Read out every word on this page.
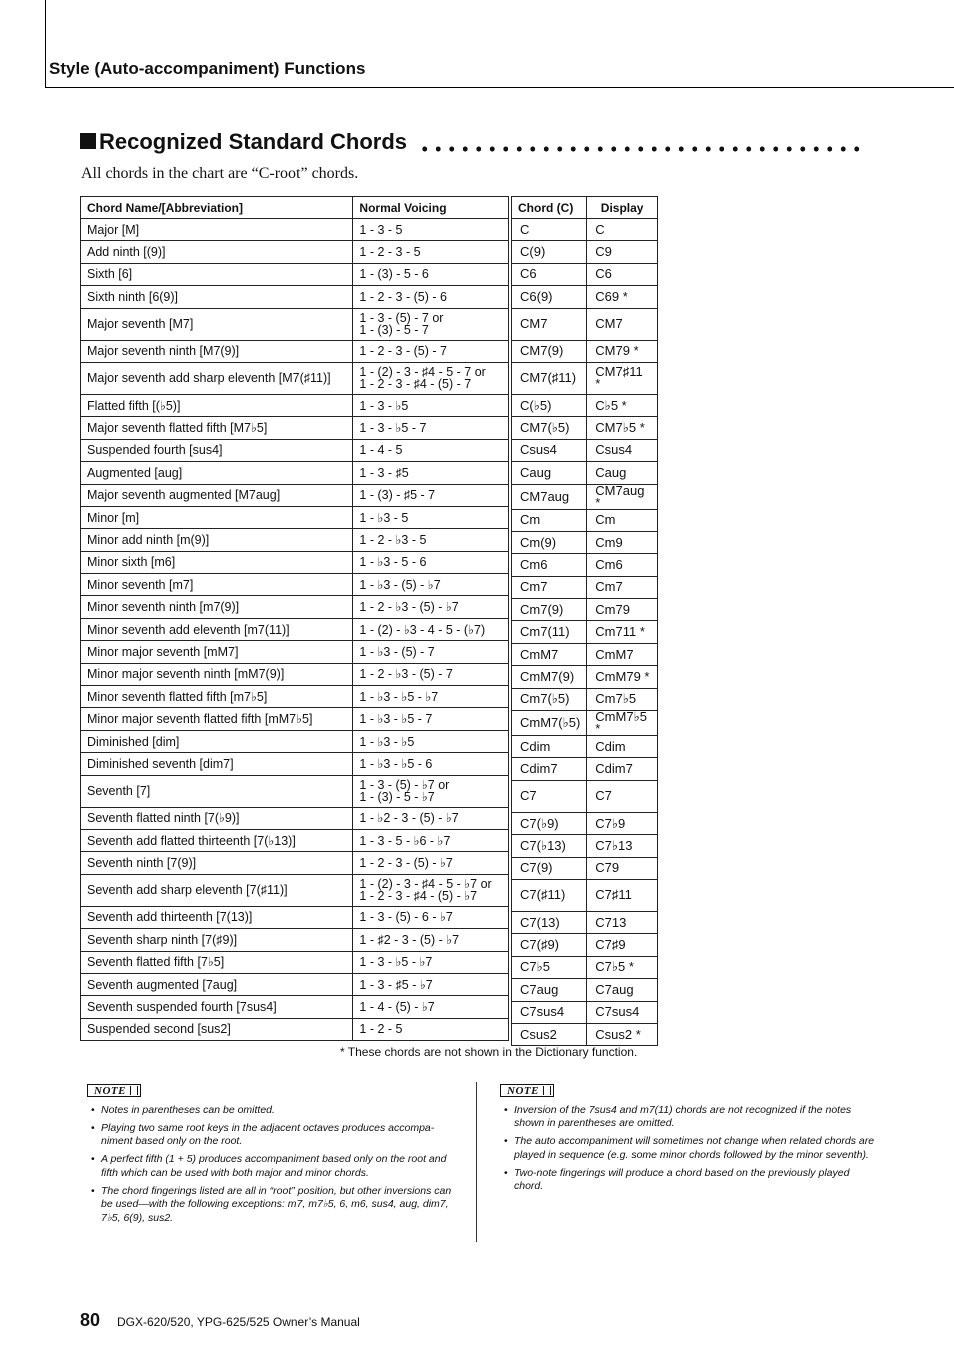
Style (Auto-accompaniment) Functions
Recognized Standard Chords
All chords in the chart are “C-root” chords.
Chord Name/[Abbreviation]	Normal Voicing
Major [M]	1 - 3 - 5
Add ninth [(9)]	1 - 2 - 3 - 5
Sixth [6]	1 - (3) - 5 - 6
Sixth ninth [6(9)]	1 - 2 - 3 - (5) - 6
Major seventh [M7]	1 - 3 - (5) - 7 or
1 - (3) - 5 - 7
Major seventh ninth [M7(9)]	1 - 2 - 3 - (5) - 7
Major seventh add sharp eleventh [M7(♯11)]	1 - (2) - 3 - ♯4 - 5 - 7 or
1 - 2 - 3 - ♯4 - (5) - 7
Flatted fifth [(♭5)]	1 - 3 - ♭5
Major seventh flatted fifth [M7♭5]	1 - 3 - ♭5 - 7
Suspended fourth [sus4]	1 - 4 - 5
Augmented [aug]	1 - 3 - ♯5
Major seventh augmented [M7aug]	1 - (3) - ♯5 - 7
Minor [m]	1 - ♭3 - 5
Minor add ninth [m(9)]	1 - 2 - ♭3 - 5
Minor sixth [m6]	1 - ♭3 - 5 - 6
Minor seventh [m7]	1 - ♭3 - (5) - ♭7
Minor seventh ninth [m7(9)]	1 - 2 - ♭3 - (5) - ♭7
Minor seventh add eleventh [m7(11)]	1 - (2) - ♭3 - 4 - 5 - (♭7)
Minor major seventh [mM7]	1 - ♭3 - (5) - 7
Minor major seventh ninth [mM7(9)]	1 - 2 - ♭3 - (5) - 7
Minor seventh flatted fifth [m7♭5]	1 - ♭3 - ♭5 - ♭7
Minor major seventh flatted fifth [mM7♭5]	1 - ♭3 - ♭5 - 7
Diminished [dim]	1 - ♭3 - ♭5
Diminished seventh [dim7]	1 - ♭3 - ♭5 - 6
Seventh [7]	1 - 3 - (5) - ♭7 or
1 - (3) - 5 - ♭7
Seventh flatted ninth [7(♭9)]	1 - ♭2 - 3 - (5) - ♭7
Seventh add flatted thirteenth [7(♭13)]	1 - 3 - 5 - ♭6 - ♭7
Seventh ninth [7(9)]	1 - 2 - 3 - (5) - ♭7
Seventh add sharp eleventh [7(♯11)]	1 - (2) - 3 - ♯4 - 5 - ♭7 or
1 - 2 - 3 - ♯4 - (5) - ♭7
Seventh add thirteenth [7(13)]	1 - 3 - (5) - 6 - ♭7
Seventh sharp ninth [7(♯9)]	1 - ♯2 - 3 - (5) - ♭7
Seventh flatted fifth [7♭5]	1 - 3 - ♭5 - ♭7
Seventh augmented [7aug]	1 - 3 - ♯5 - ♭7
Seventh suspended fourth [7sus4]	1 - 4 - (5) - ♭7
Suspended second [sus2]	1 - 2 - 5
Chord (C)	Display
C	C
C(9)	C9
C6	C6
C6(9)	C69 *
CM7	CM7
CM7(9)	CM79 *
CM7(♯11)	CM7♯11 *
C(♭5)	C♭5 *
CM7(♭5)	CM7♭5 *
Csus4	Csus4
Caug	Caug
CM7aug	CM7aug *
Cm	Cm
Cm(9)	Cm9
Cm6	Cm6
Cm7	Cm7
Cm7(9)	Cm79
Cm7(11)	Cm711 *
CmM7	CmM7
CmM7(9)	CmM79 *
Cm7(♭5)	Cm7♭5
CmM7(♭5)	CmM7♭5 *
Cdim	Cdim
Cdim7	Cdim7
C7	C7
C7(♭9)	C7♭9
C7(♭13)	C7♭13
C7(9)	C79
C7(♯11)	C7♯11
C7(13)	C713
C7(♯9)	C7♯9
C7♭5	C7♭5 *
C7aug	C7aug
C7sus4	C7sus4
Csus2	Csus2 *
* These chords are not shown in the Dictionary function.
NOTE
• Notes in parentheses can be omitted.
• Playing two same root keys in the adjacent octaves produces accompa-niment based only on the root.
• A perfect fifth (1 + 5) produces accompaniment based only on the root and fifth which can be used with both major and minor chords.
• The chord fingerings listed are all in “root” position, but other inversions can be used—with the following exceptions: m7, m7♭5, 6, m6, sus4, aug, dim7, 7♭5, 6(9), sus2.
NOTE
• Inversion of the 7sus4 and m7(11) chords are not recognized if the notes shown in parentheses are omitted.
• The auto accompaniment will sometimes not change when related chords are played in sequence (e.g. some minor chords followed by the minor seventh).
• Two-note fingerings will produce a chord based on the previously played chord.
80 DGX-620/520, YPG-625/525 Owner’s Manual
